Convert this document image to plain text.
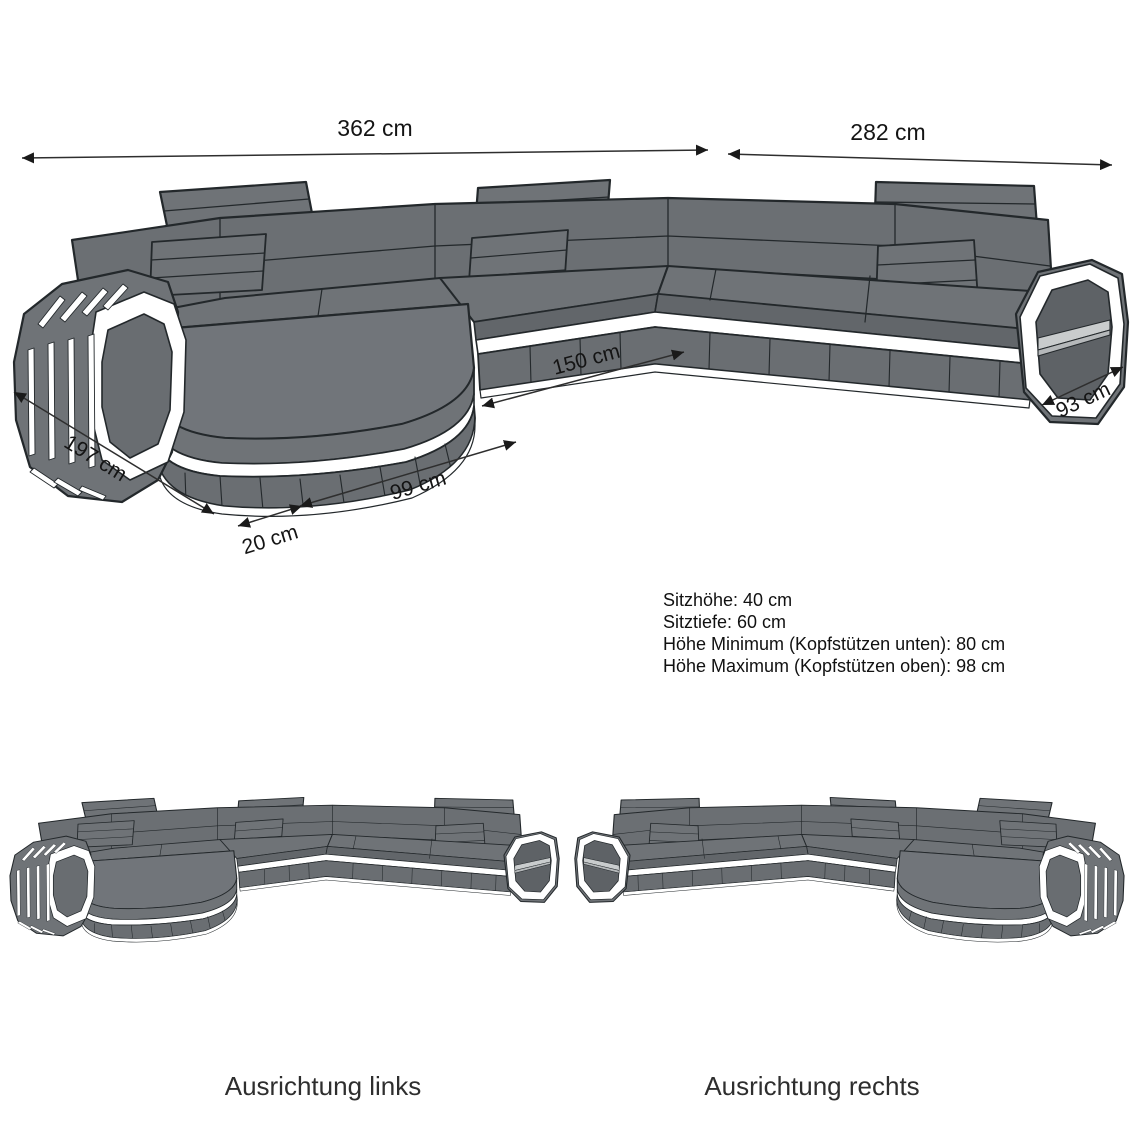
362 cm	282 cm
150 cm
99 cm
20 cm
197 cm
93 cm
Sitzhöhe: 40 cm
Sitztiefe: 60 cm
Höhe Minimum (Kopfstützen unten): 80 cm
Höhe Maximum (Kopfstützen oben): 98 cm
Ausrichtung links	Ausrichtung rechts
